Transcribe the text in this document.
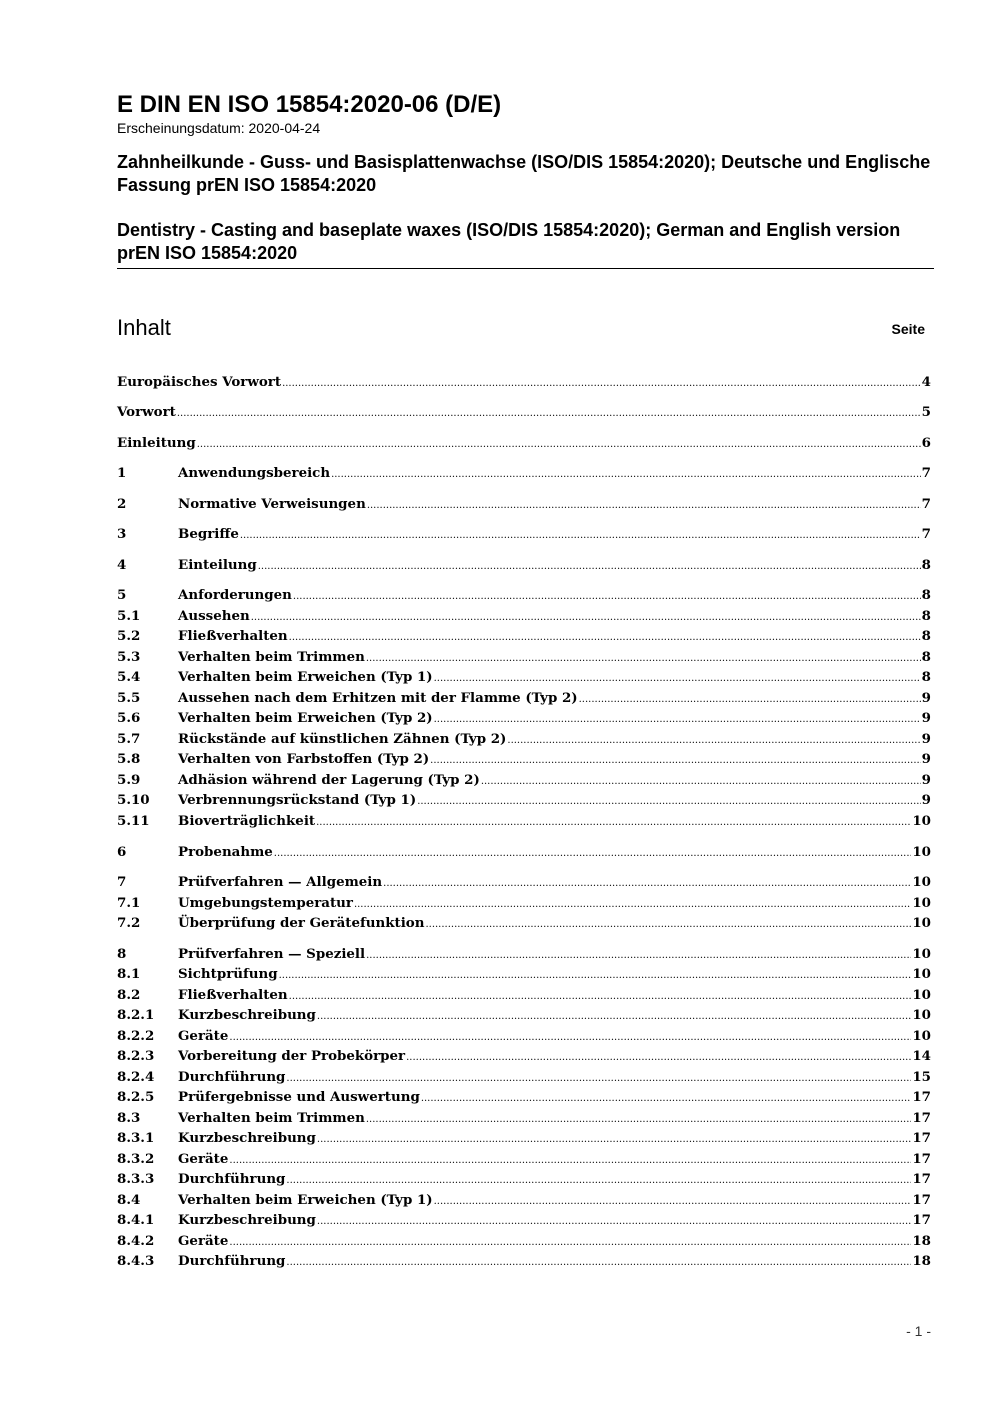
E DIN EN ISO 15854:2020-06 (D/E)

Erscheinungsdatum: 2020-04-24

Zahnheilkunde - Guss- und Basisplattenwachse (ISO/DIS 15854:2020); Deutsche und Englische Fassung prEN ISO 15854:2020

Dentistry - Casting and baseplate waxes (ISO/DIS 15854:2020); German and English version prEN ISO 15854:2020

Inhalt	Seite
Europäisches Vorwort .....	4
Vorwort .....	5
Einleitung .....	6
1	Anwendungsbereich .....	7
2	Normative Verweisungen .....	7
3	Begriffe .....	7
4	Einteilung .....	8
5	Anforderungen .....	8
5.1	Aussehen .....	8
5.2	Fließverhalten .....	8
5.3	Verhalten beim Trimmen .....	8
5.4	Verhalten beim Erweichen (Typ 1) .....	8
5.5	Aussehen nach dem Erhitzen mit der Flamme (Typ 2) .....	9
5.6	Verhalten beim Erweichen (Typ 2) .....	9
5.7	Rückstände auf künstlichen Zähnen (Typ 2) .....	9
5.8	Verhalten von Farbstoffen (Typ 2) .....	9
5.9	Adhäsion während der Lagerung (Typ 2) .....	9
5.10	Verbrennungsrückstand (Typ 1) .....	9
5.11	Bioverträglichkeit .....	10
6	Probenahme .....	10
7	Prüfverfahren — Allgemein .....	10
7.1	Umgebungstemperatur .....	10
7.2	Überprüfung der Gerätefunktion .....	10
8	Prüfverfahren — Speziell .....	10
8.1	Sichtprüfung .....	10
8.2	Fließverhalten .....	10
8.2.1	Kurzbeschreibung .....	10
8.2.2	Geräte .....	10
8.2.3	Vorbereitung der Probekörper .....	14
8.2.4	Durchführung .....	15
8.2.5	Prüfergebnisse und Auswertung .....	17
8.3	Verhalten beim Trimmen .....	17
8.3.1	Kurzbeschreibung .....	17
8.3.2	Geräte .....	17
8.3.3	Durchführung .....	17
8.4	Verhalten beim Erweichen (Typ 1) .....	17
8.4.1	Kurzbeschreibung .....	17
8.4.2	Geräte .....	18
8.4.3	Durchführung .....	18
- 1 -
